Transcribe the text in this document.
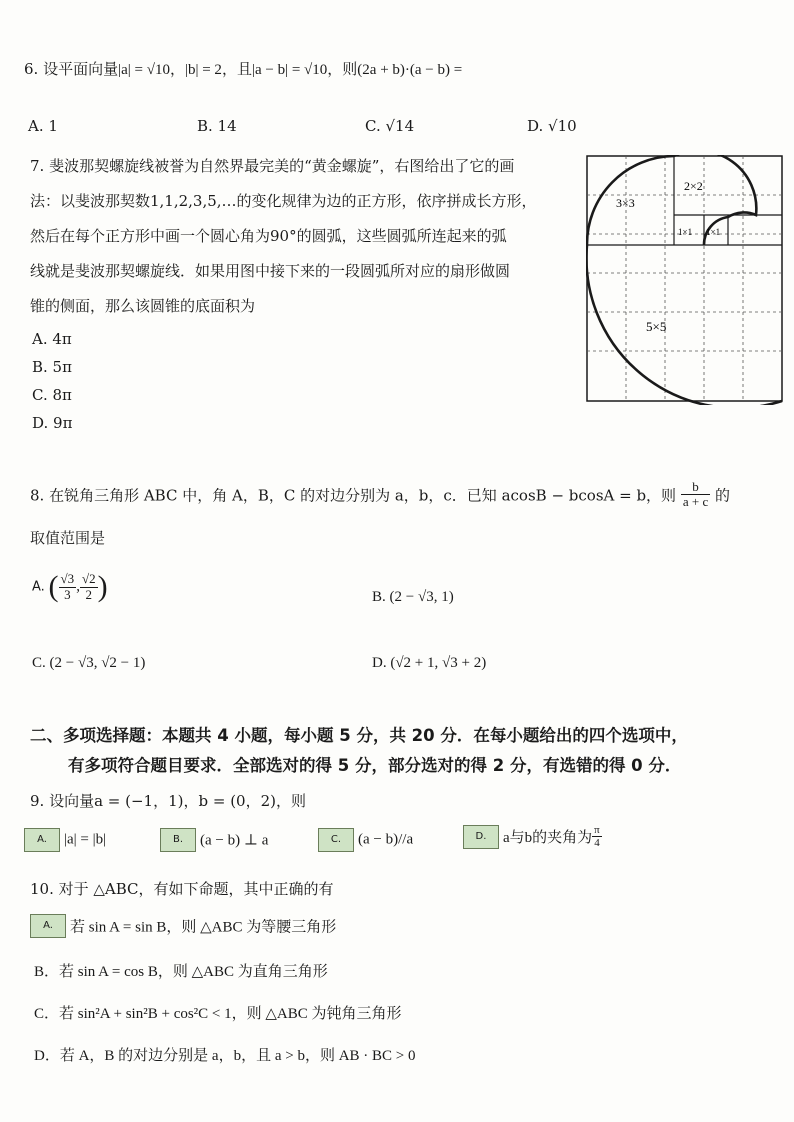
6. 设平面向量|a| = √10，|b| = 2，且|a − b| = √10，则(2a + b)·(a − b) =
A. 1	B. 14	C. √14	D. √10
7. 斐波那契螺旋线被誉为自然界最完美的“黄金螺旋”，右图给出了它的画
法：以斐波那契数1,1,2,3,5,…的变化规律为边的正方形，依序拼成长方形，
然后在每个正方形中画一个圆心角为90°的圆弧，这些圆弧所连起来的弧
线就是斐波那契螺旋线．如果用图中接下来的一段圆弧所对应的扇形做圆
锥的侧面，那么该圆锥的底面积为
A. 4π
B. 5π
C. 8π
D. 9π
3×3
2×2
1×1 1×1
5×5
8. 在锐角三角形 ABC 中，角 A，B，C 的对边分别为 a，b，c．已知 acosB − bcosA = b，则 $\frac{b}{a + c}$ 的
取值范围是
A. ( $\frac{√3}{3}$ , $\frac{√2}{2}$ )	B. (2 − √3, 1)
C. (2 − √3, √2 − 1)	D. (√2 + 1, √3 + 2)
二、多项选择题：本题共 4 小题，每小题 5 分，共 20 分．在每小题给出的四个选项中，
有多项符合题目要求．全部选对的得 5 分，部分选对的得 2 分，有选错的得 0 分．
9. 设向量a = (−1，1)，b = (0，2)，则
A. |a| = |b|	B. (a − b) ⊥ a	C. (a − b)//a	D. a与b的夹角为 $\frac{\pi}{4}$
10. 对于 △ABC，有如下命题，其中正确的有
A. 若 sin A = sin B，则 △ABC 为等腰三角形
B．若 sin A = cos B，则 △ABC 为直角三角形
C．若 sin²A + sin²B + cos²C < 1，则 △ABC 为钝角三角形
D．若 A，B 的对边分别是 a，b，且 a > b，则 AB · BC > 0
